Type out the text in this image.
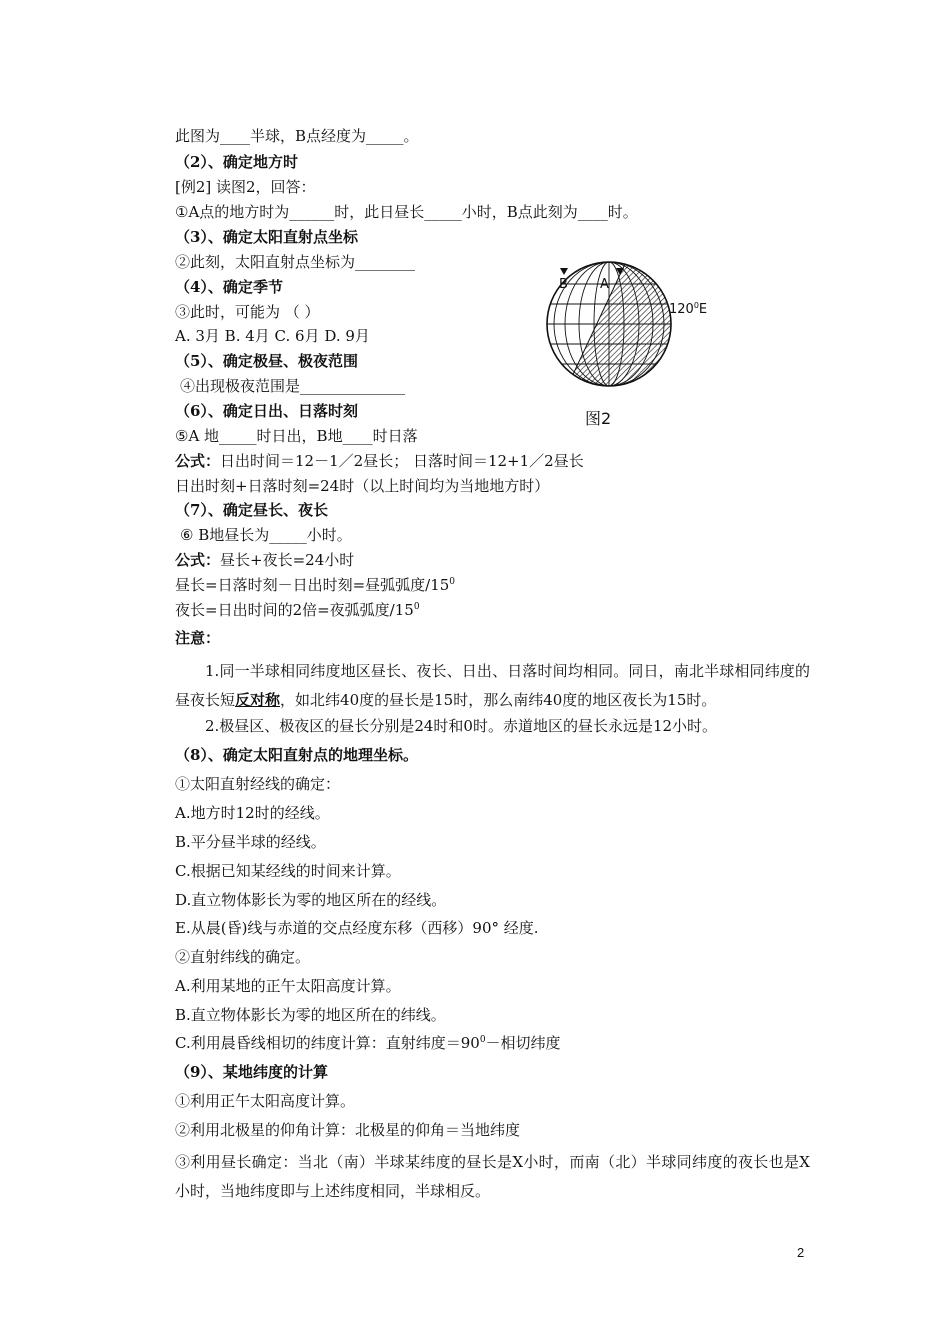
此图为____半球，B点经度为_____。
（2）、确定地方时
[例2] 读图2，回答：
①A点的地方时为______时，此日昼长_____小时，B点此刻为____时。
（3）、确定太阳直射点坐标
②此刻，太阳直射点坐标为________
（4）、确定季节
③此时，可能为 （ ）
A. 3月 B. 4月 C. 6月 D. 9月
（5）、确定极昼、极夜范围
④出现极夜范围是______________
（6）、确定日出、日落时刻
⑤A 地_____时日出，B地____时日落
公式：日出时间＝12－1／2昼长； 日落时间＝12+1／2昼长
日出时刻+日落时刻=24时（以上时间均为当地地方时）
（7）、确定昼长、夜长
⑥ B地昼长为_____小时。
公式：昼长+夜长=24小时
昼长=日落时刻－日出时刻=昼弧弧度$/15^0$
夜长=日出时间的2倍=夜弧弧度$/15^0$
注意：
1.同一半球相同纬度地区昼长、夜长、日出、日落时间均相同。同日，南北半球相同纬度的昼夜长短反对称，如北纬40度的昼长是15时，那么南纬40度的地区夜长为15时。
2.极昼区、极夜区的昼长分别是24时和0时。赤道地区的昼长永远是12小时。
（8）、确定太阳直射点的地理坐标。
①太阳直射经线的确定：
A.地方时12时的经线。
B.平分昼半球的经线。
C.根据已知某经线的时间来计算。
D.直立物体影长为零的地区所在的经线。
E.从晨(昏)线与赤道的交点经度东移（西移）90° 经度.
②直射纬线的确定。
A.利用某地的正午太阳高度计算。
B.直立物体影长为零的地区所在的纬线。
C.利用晨昏线相切的纬度计算：直射纬度$=90^0-$相切纬度
（9）、某地纬度的计算
①利用正午太阳高度计算。
②利用北极星的仰角计算：北极星的仰角＝当地纬度
③利用昼长确定：当北（南）半球某纬度的昼长是X小时，而南（北）半球同纬度的夜长也是X小时，当地纬度即与上述纬度相同，半球相反。
B A
$120^0E$
图2
2
